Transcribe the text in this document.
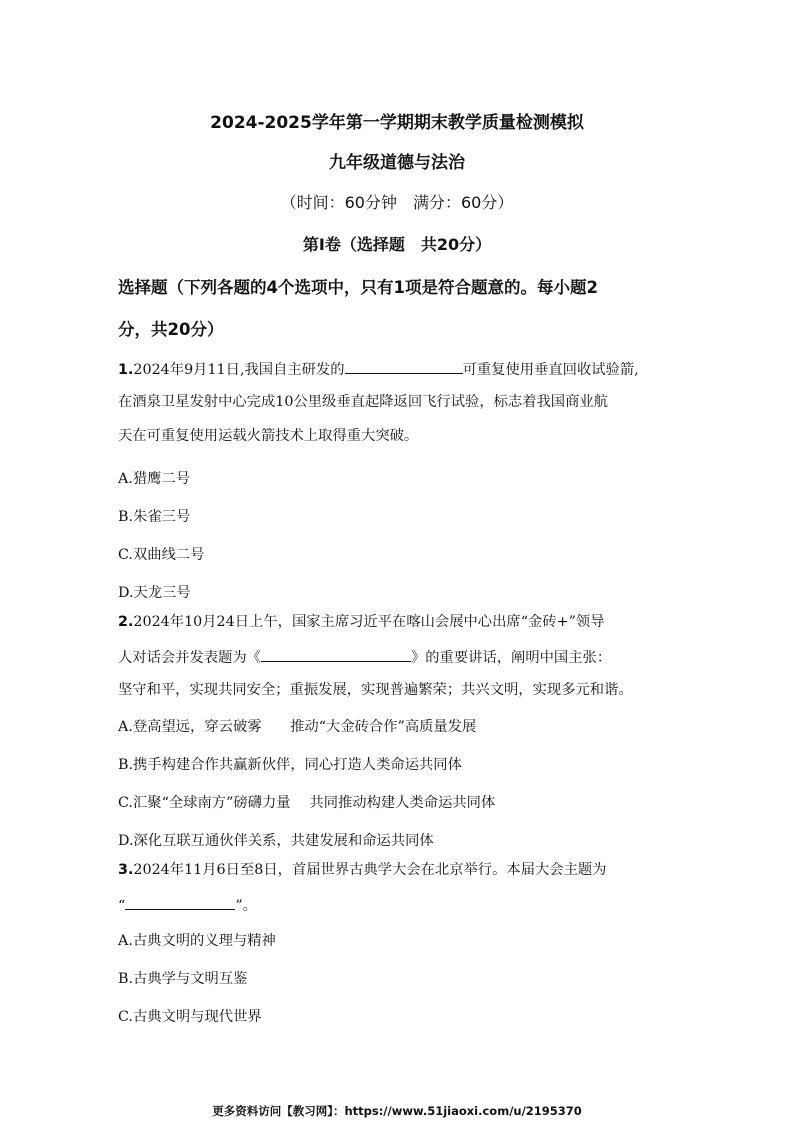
2024-2025学年第一学期期末教学质量检测模拟
九年级道德与法治
（时间：60分钟　满分：60分）
第Ⅰ卷（选择题　共20分）
选择题（下列各题的4个选项中，只有1项是符合题意的。每小题2
分，共20分）
1.2024年9月11日,我国自主研发的	可重复使用垂直回收试验箭,
在酒泉卫星发射中心完成10公里级垂直起降返回飞行试验，标志着我国商业航
天在可重复使用运载火箭技术上取得重大突破。
A.猎鹰二号
B.朱雀三号
C.双曲线二号
D.天龙三号
2.2024年10月24日上午，国家主席习近平在喀山会展中心出席“金砖+”领导
人对话会并发表题为《	》的重要讲话，阐明中国主张：
坚守和平，实现共同安全；重振发展，实现普遍繁荣；共兴文明，实现多元和谐。
A.登高望远，穿云破雾　　推动“大金砖合作”高质量发展
B.携手构建合作共赢新伙伴，同心打造人类命运共同体
C.汇聚“全球南方”磅礴力量　 共同推动构建人类命运共同体
D.深化互联互通伙伴关系，共建发展和命运共同体
3.2024年11月6日至8日，首届世界古典学大会在北京举行。本届大会主题为
“	”。
A.古典文明的义理与精神
B.古典学与文明互鉴
C.古典文明与现代世界
更多资料访问【教习网】：https://www.51jiaoxi.com/u/2195370
